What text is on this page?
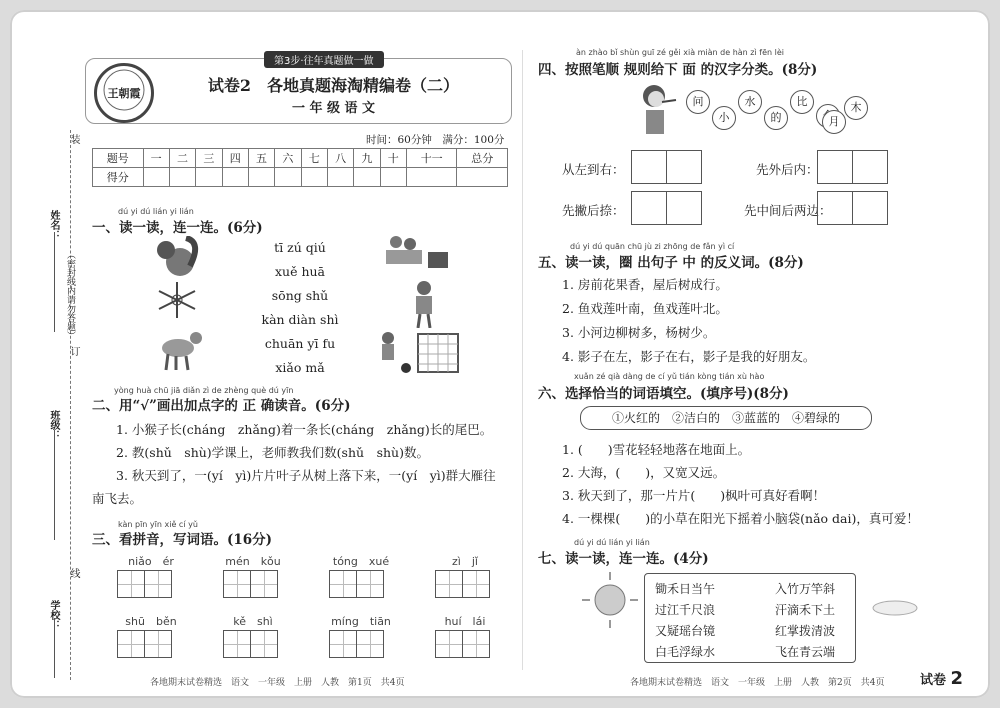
装
订
线
（密封线内请勿答题）
姓名：
班级：
学校：
第3步·往年真题做一做
王朝霞	试卷2　各地真题海淘精编卷（二）
一 年 级 语 文
时间：60分钟　满分：100分
题号	一	二	三	四	五	六	七	八	九	十	十一	总分
得分												
dú yi dú lián yi lián
一、读一读，连一连。(6分)
tī zú qiú
xuě huā
sōng shǔ
kàn diàn shì
chuān yī fu
xiǎo mǎ
yòng huà chū jiā diǎn zì de zhèng què dú yīn
二、用“√”画出加点字的 正 确读音。(6分)
1. 小猴子长(cháng　zhǎng)着一条长(cháng　zhǎng)长的尾巴。
2. 教(shǔ　shù)学课上，老师教我们数(shǔ　shù)数。
3. 秋天到了，一(yí　yì)片片叶子从树上落下来，一(yí　yì)群大雁往
南飞去。
kàn pīn yīn xiě cí yǔ
三、看拼音，写词语。(16分)
niǎo　ér	mén　kǒu	tóng　xué	zì　jǐ
shū　běn	kě　shì	míng　tiān	huí　lái
各地期末试卷精选　语文　一年级　上册　人教　第1页　共4页
àn zhào bǐ shùn guī zé gěi xià miàn de hàn zì fēn lèi
四、按照笔顺 规则给下 面 的汉字分类。(8分)
问
小
水
的
比	木
月
从左到右：	先外后内：
先撇后捺：	先中间后两边：
dú yi dú quān chū jù zi zhōng de fǎn yì cí
五、读一读，圈 出句子 中 的反义词。(8分)
1. 房前花果香，屋后树成行。
2. 鱼戏莲叶南，鱼戏莲叶北。
3. 小河边柳树多，杨树少。
4. 影子在左，影子在右，影子是我的好朋友。
xuǎn zé qià dàng de cí yǔ tián kòng tián xù hào
六、选择恰当的词语填空。(填序号)(8分)
①火红的　②洁白的　③蓝蓝的　④碧绿的
1. (　　)雪花轻轻地落在地面上。
2. 大海，(　　)，又宽又远。
3. 秋天到了，那一片片(　　)枫叶可真好看啊！
4. 一棵棵(　　)的小草在阳光下摇着小脑袋(nǎo dai)，真可爱！
dú yi dú lián yi lián
七、读一读，连一连。(4分)
锄禾日当午
过江千尺浪
又疑瑶台镜
白毛浮绿水
入竹万竿斜
汗滴禾下土
红掌拨清波
飞在青云端
各地期末试卷精选　语文　一年级　上册　人教　第2页　共4页	试卷 2
